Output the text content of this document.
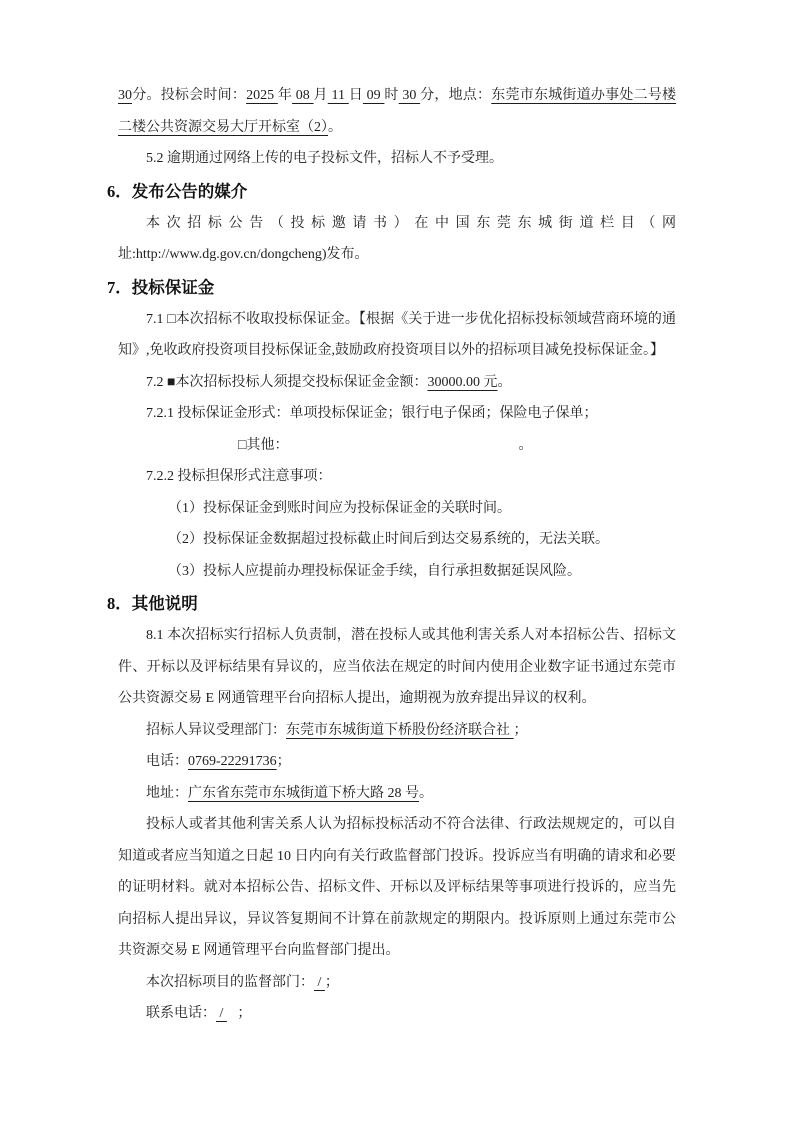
30分。投标会时间：2025 年 08 月 11 日 09 时 30 分，地点：东莞市东城街道办事处二号楼二楼公共资源交易大厅开标室（2）。

5.2 逾期通过网络上传的电子投标文件，招标人不予受理。

6．发布公告的媒介

本次招标公告（投标邀请书）在中国东莞东城街道栏目（网

址:http://www.dg.gov.cn/dongcheng)发布。

7．投标保证金

7.1 □本次招标不收取投标保证金。【根据《关于进一步优化招标投标领域营商环境的通知》,免收政府投资项目投标保证金,鼓励政府投资项目以外的招标项目减免投标保证金。】

7.2 ■本次招标投标人须提交投标保证金金额：30000.00 元。

7.2.1 投标保证金形式：单项投标保证金；银行电子保函；保险电子保单；

□其他：	。

7.2.2 投标担保形式注意事项：

（1）投标保证金到账时间应为投标保证金的关联时间。

（2）投标保证金数据超过投标截止时间后到达交易系统的，无法关联。

（3）投标人应提前办理投标保证金手续，自行承担数据延误风险。

8．其他说明

8.1 本次招标实行招标人负责制，潜在投标人或其他利害关系人对本招标公告、招标文件、开标以及评标结果有异议的，应当依法在规定的时间内使用企业数字证书通过东莞市公共资源交易 E 网通管理平台向招标人提出，逾期视为放弃提出异议的权利。

招标人异议受理部门：东莞市东城街道下桥股份经济联合社 ；

电话：0769-22291736；

地址：广东省东莞市东城街道下桥大路 28 号。

投标人或者其他利害关系人认为招标投标活动不符合法律、行政法规规定的，可以自知道或者应当知道之日起 10 日内向有关行政监督部门投诉。投诉应当有明确的请求和必要的证明材料。就对本招标公告、招标文件、开标以及评标结果等事项进行投诉的，应当先向招标人提出异议，异议答复期间不计算在前款规定的期限内。投诉原则上通过东莞市公共资源交易 E 网通管理平台向监督部门提出。

本次招标项目的监督部门： / ；

联系电话： /    ；
